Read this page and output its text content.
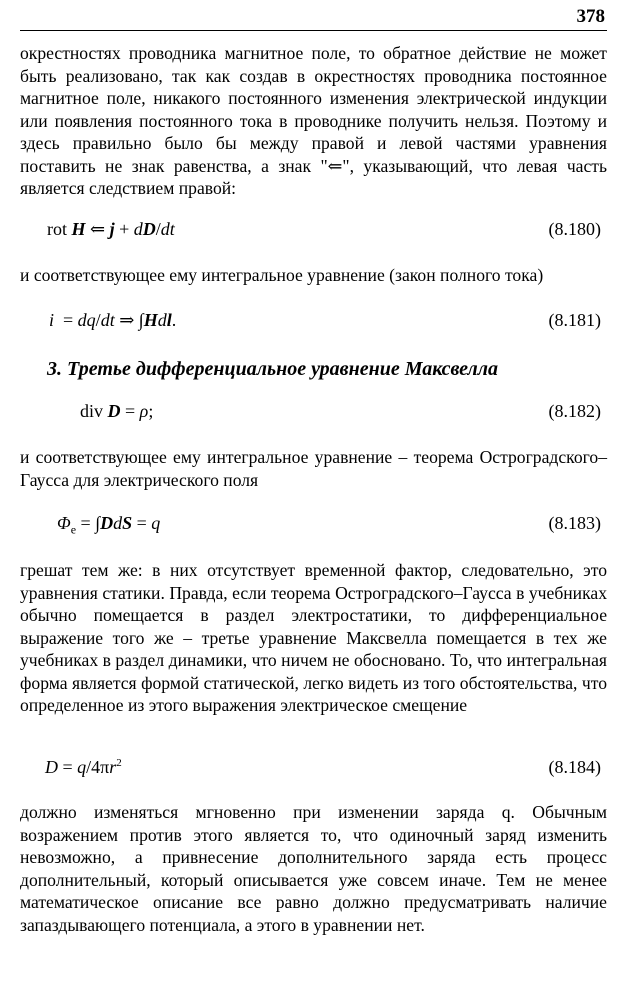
378

окрестностях проводника магнитное поле, то обратное действие не может быть реализовано, так как создав в окрестностях проводника постоянное магнитное поле, никакого постоянного изменения электрической индукции или появления постоянного тока в проводнике получить нельзя. Поэтому и здесь правильно было бы между правой и левой частями уравнения поставить не знак равенства, а знак "⇐", указывающий, что левая часть является следствием правой:

rot H ⇐ j + dD/dt	(8.180)

и соответствующее ему интегральное уравнение (закон полного тока)

i  = dq/dt ⇒ ∫Hdl.	(8.181)
3. Третье дифференциальное уравнение Максвелла
div D = ρ;	(8.182)

и соответствующее ему интегральное уравнение – теорема Остроградского–Гаусса для электрического поля

$\Phi_e = \int DdS = q$	(8.183)

грешат тем же: в них отсутствует временной фактор, следовательно, это уравнения статики. Правда, если теорема Остроградского–Гаусса в учебниках обычно помещается в раздел электростатики, то дифференциальное выражение того же – третье уравнение Максвелла помещается в тех же учебниках в раздел динамики, что ничем не обосновано. То, что интегральная форма является формой статической, легко видеть из того обстоятельства, что определенное из этого выражения электрическое смещение

$D = q/4\pi r^2$	(8.184)

должно изменяться мгновенно при изменении заряда q. Обычным возражением против этого является то, что одиночный заряд изменить невозможно, а привнесение дополнительного заряда есть процесс дополнительный, который описывается уже совсем иначе. Тем не менее математическое описание все равно должно предусматривать наличие запаздывающего потенциала, а этого в уравнении нет.
